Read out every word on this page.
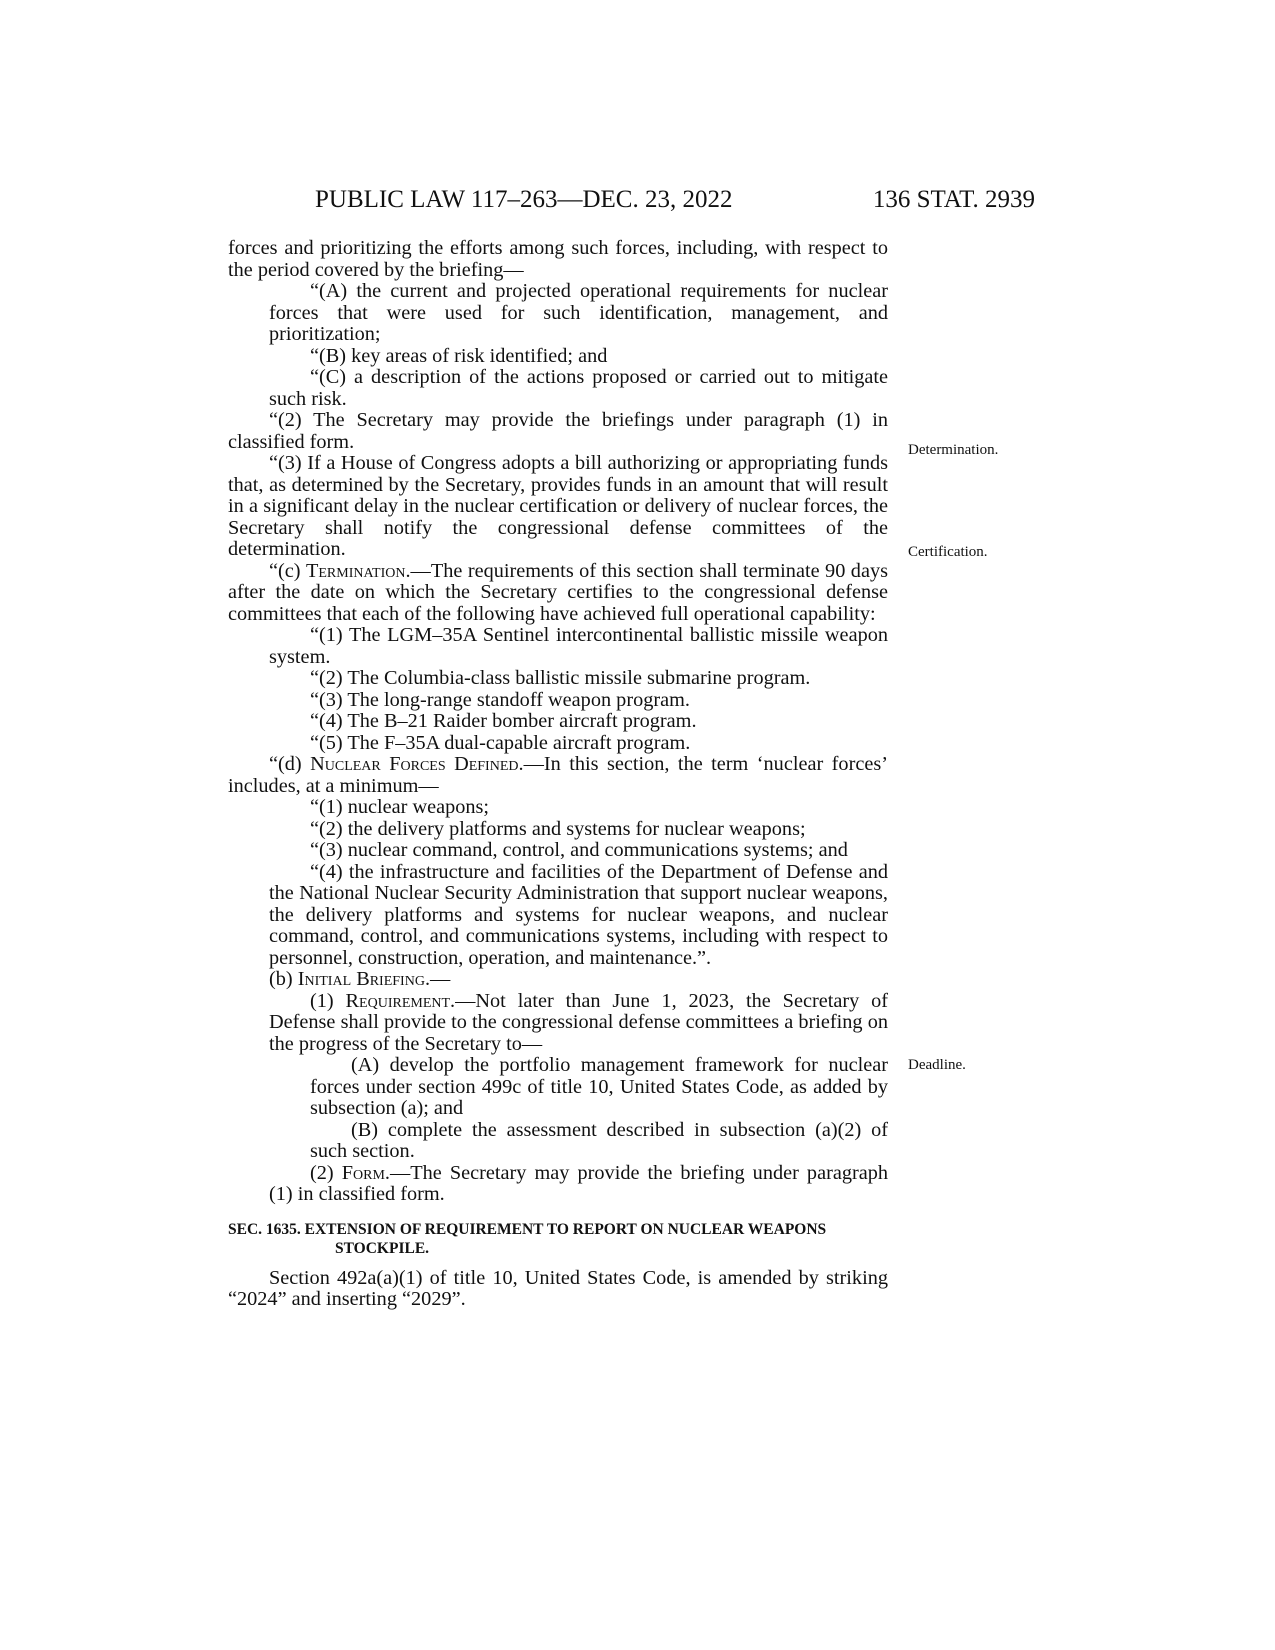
PUBLIC LAW 117–263—DEC. 23, 2022	136 STAT. 2939

forces and prioritizing the efforts among such forces, including, with respect to the period covered by the briefing—

“(A) the current and projected operational requirements for nuclear forces that were used for such identification, management, and prioritization;

“(B) key areas of risk identified; and

“(C) a description of the actions proposed or carried out to mitigate such risk.

“(2) The Secretary may provide the briefings under paragraph (1) in classified form.

“(3) If a House of Congress adopts a bill authorizing or appropriating funds that, as determined by the Secretary, provides funds in an amount that will result in a significant delay in the nuclear certification or delivery of nuclear forces, the Secretary shall notify the congressional defense committees of the determination.

“(c) Termination.—The requirements of this section shall terminate 90 days after the date on which the Secretary certifies to the congressional defense committees that each of the following have achieved full operational capability:

“(1) The LGM–35A Sentinel intercontinental ballistic missile weapon system.

“(2) The Columbia-class ballistic missile submarine program.

“(3) The long-range standoff weapon program.

“(4) The B–21 Raider bomber aircraft program.

“(5) The F–35A dual-capable aircraft program.

“(d) Nuclear Forces Defined.—In this section, the term ‘nuclear forces’ includes, at a minimum—

“(1) nuclear weapons;

“(2) the delivery platforms and systems for nuclear weapons;

“(3) nuclear command, control, and communications systems; and

“(4) the infrastructure and facilities of the Department of Defense and the National Nuclear Security Administration that support nuclear weapons, the delivery platforms and systems for nuclear weapons, and nuclear command, control, and communications systems, including with respect to personnel, construction, operation, and maintenance.”.

(b) Initial Briefing.—

(1) Requirement.—Not later than June 1, 2023, the Secretary of Defense shall provide to the congressional defense committees a briefing on the progress of the Secretary to—

(A) develop the portfolio management framework for nuclear forces under section 499c of title 10, United States Code, as added by subsection (a); and

(B) complete the assessment described in subsection (a)(2) of such section.

(2) Form.—The Secretary may provide the briefing under paragraph (1) in classified form.

SEC. 1635. EXTENSION OF REQUIREMENT TO REPORT ON NUCLEAR WEAPONS STOCKPILE.

Section 492a(a)(1) of title 10, United States Code, is amended by striking “2024” and inserting “2029”.

Determination.
Certification.
Deadline.
